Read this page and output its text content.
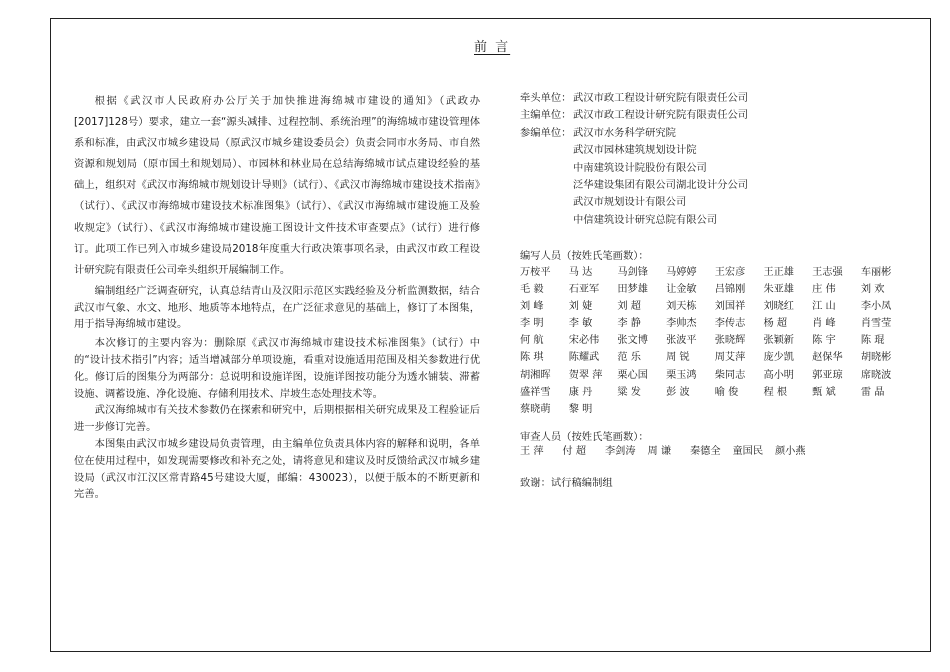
前 言

根据《武汉市人民政府办公厅关于加快推进海绵城市建设的通知》（武政办[2017]128号）要求，建立一套“源头减排、过程控制、系统治理”的海绵城市建设管理体系和标准，由武汉市城乡建设局（原武汉市城乡建设委员会）负责会同市水务局、市自然资源和规划局（原市国土和规划局）、市园林和林业局在总结海绵城市试点建设经验的基础上，组织对《武汉市海绵城市规划设计导则》（试行）、《武汉市海绵城市建设技术指南》（试行）、《武汉市海绵城市建设技术标准图集》（试行）、《武汉市海绵城市建设施工及验收规定》（试行）、《武汉市海绵城市建设施工图设计文件技术审查要点》（试行）进行修订。此项工作已列入市城乡建设局2018年度重大行政决策事项名录，由武汉市政工程设计研究院有限责任公司牵头组织开展编制工作。

编制组经广泛调查研究，认真总结青山及汉阳示范区实践经验及分析监测数据，结合武汉市气象、水文、地形、地质等本地特点，在广泛征求意见的基础上，修订了本图集，用于指导海绵城市建设。

本次修订的主要内容为：删除原《武汉市海绵城市建设技术标准图集》（试行）中的“设计技术指引”内容；适当增减部分单项设施，看重对设施适用范围及相关参数进行优化。修订后的图集分为两部分：总说明和设施详图，设施详图按功能分为透水铺装、滞蓄设施、调蓄设施、净化设施、存储利用技术、岸坡生态处理技术等。

武汉海绵城市有关技术参数仍在探索和研究中，后期根据相关研究成果及工程验证后进一步修订完善。

本图集由武汉市城乡建设局负责管理，由主编单位负责具体内容的解释和说明，各单位在使用过程中，如发现需要修改和补充之处，请将意见和建议及时反馈给武汉市城乡建设局（武汉市江汉区常青路45号建设大厦，邮编：430023），以便于版本的不断更新和完善。

牵头单位： 武汉市政工程设计研究院有限责任公司
主编单位： 武汉市政工程设计研究院有限责任公司
参编单位： 武汉市水务科学研究院
武汉市园林建筑规划设计院
中南建筑设计院股份有限公司
泛华建设集团有限公司湖北设计分公司
武汉市规划设计有限公司
中信建筑设计研究总院有限公司
编写人员（按姓氏笔画数）：
万桉平	马 达	马剑锋	马婷婷	王宏彦	王正雄	王志强	车丽彬
毛 毅	石亚军	田梦雄	让金敏	吕锦刚	朱亚雄	庄 伟	刘 欢
刘 峰	刘 婕	刘 超	刘天栋	刘国祥	刘晓红	江 山	李小凤
李 明	李 敏	李 静	李帅杰	李传志	杨 超	肖 峰	肖雪莹
何 航	宋必伟	张文博	张波平	张晓辉	张颖新	陈 宇	陈 琨
陈 琪	陈耀武	范 乐	周 锐	周艾萍	庞少凯	赵保华	胡晓彬
胡湘晖	贺翠 萍	栗心国	栗玉鸿	柴同志	高小明	郭亚琼	席晓波
盛祥雪	康 丹	粱 发	彭 波	喻 俊	程 根	甄 斌	雷 晶
蔡晓萌	黎 明
审查人员（按姓氏笔画数）：
王 萍	付 超	李剑涛	周 谦	秦德全	童国民	颜小燕
致谢：试行稿编制组
